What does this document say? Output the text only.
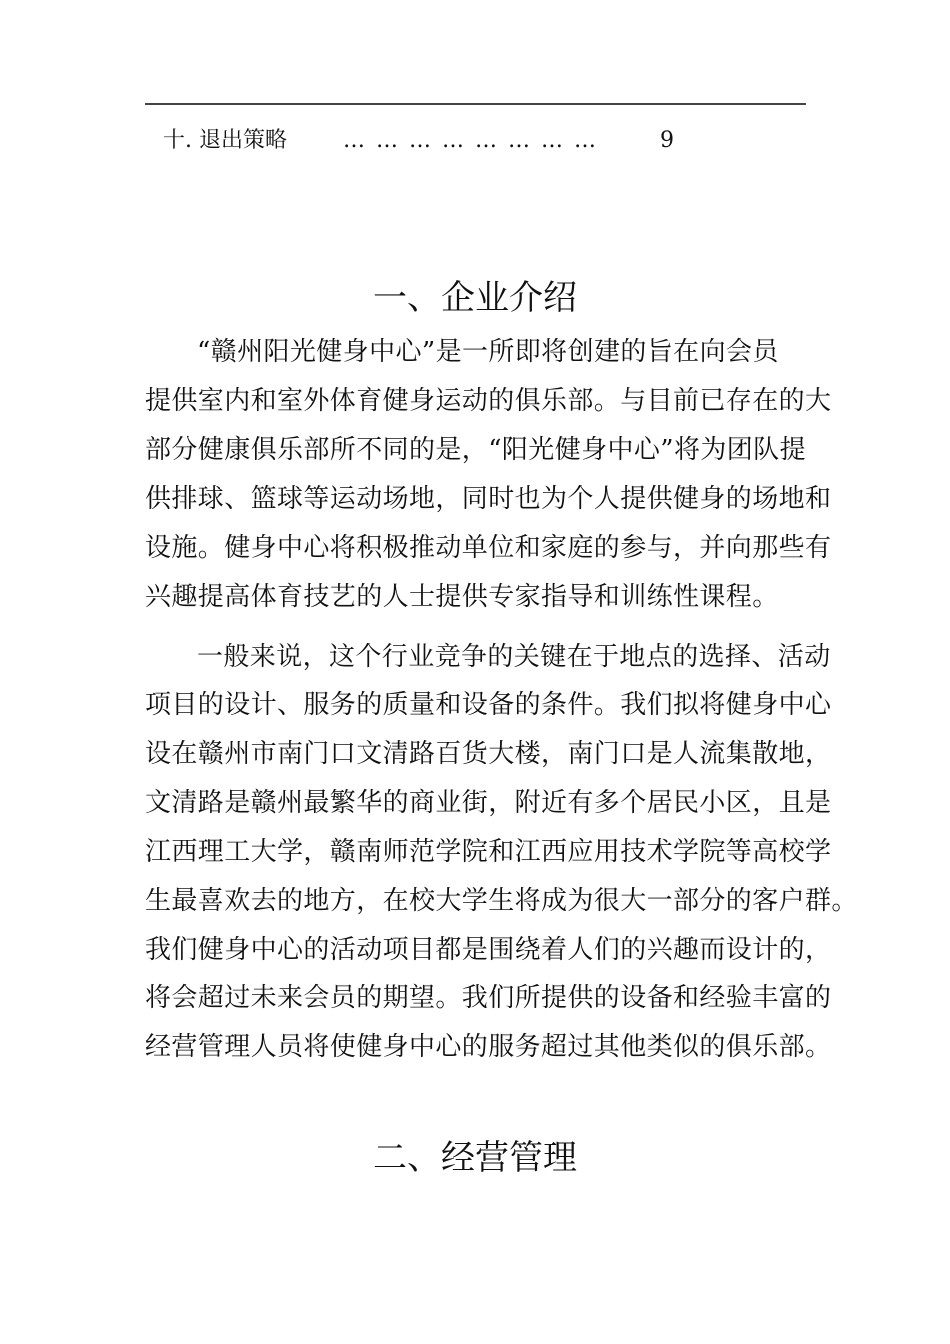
十. 退出策略	… … … … … … … …	9
一、企业介绍
“赣州阳光健身中心”是一所即将创建的旨在向会员
提供室内和室外体育健身运动的俱乐部。与目前已存在的大
部分健康俱乐部所不同的是，“阳光健身中心”将为团队提
供排球、篮球等运动场地，同时也为个人提供健身的场地和
设施。健身中心将积极推动单位和家庭的参与，并向那些有
兴趣提高体育技艺的人士提供专家指导和训练性课程。
一般来说，这个行业竞争的关键在于地点的选择、活动
项目的设计、服务的质量和设备的条件。我们拟将健身中心
设在赣州市南门口文清路百货大楼，南门口是人流集散地，
文清路是赣州最繁华的商业街，附近有多个居民小区，且是
江西理工大学，赣南师范学院和江西应用技术学院等高校学
生最喜欢去的地方，在校大学生将成为很大一部分的客户群。
我们健身中心的活动项目都是围绕着人们的兴趣而设计的，
将会超过未来会员的期望。我们所提供的设备和经验丰富的
经营管理人员将使健身中心的服务超过其他类似的俱乐部。
二、经营管理
